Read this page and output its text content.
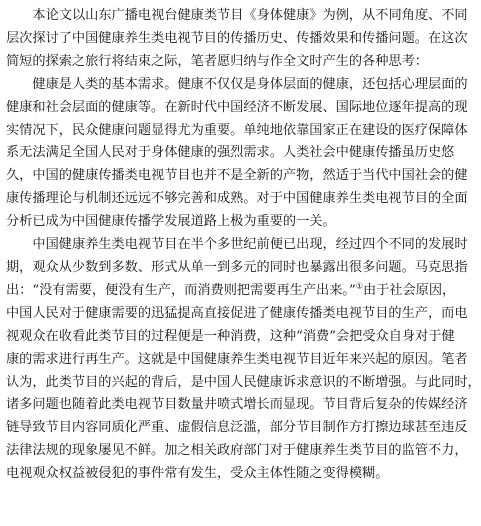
本论文以山东广播电视台健康类节目《身体健康》为例，从不同角度、不同
层次探讨了中国健康养生类电视节目的传播历史、传播效果和传播问题。在这次
简短的探索之旅行将结束之际，笔者愿归纳与作全文时产生的各种思考：
健康是人类的基本需求。健康不仅仅是身体层面的健康，还包括心理层面的
健康和社会层面的健康等。在新时代中国经济不断发展、国际地位逐年提高的现
实情况下，民众健康问题显得尤为重要。单纯地依靠国家正在建设的医疗保障体
系无法满足全国人民对于身体健康的强烈需求。人类社会中健康传播虽历史悠
久，中国的健康传播类电视节目也并不是全新的产物，然适于当代中国社会的健
康传播理论与机制还远远不够完善和成熟。对于中国健康养生类电视节目的全面
分析已成为中国健康传播学发展道路上极为重要的一关。
中国健康养生类电视节目在半个多世纪前便已出现，经过四个不同的发展时
期，观众从少数到多数、形式从单一到多元的同时也暴露出很多问题。马克思指
出：“没有需要，便没有生产，而消费则把需要再生产出来。”①由于社会原因，
中国人民对于健康需要的迅猛提高直接促进了健康传播类电视节目的生产，而电
视观众在收看此类节目的过程便是一种消费，这种“消费”会把受众自身对于健
康的需求进行再生产。这就是中国健康养生类电视节目近年来兴起的原因。笔者
认为，此类节目的兴起的背后，是中国人民健康诉求意识的不断增强。与此同时，
诸多问题也随着此类电视节目数量井喷式增长而显现。节目背后复杂的传媒经济
链导致节目内容同质化严重、虚假信息泛滥，部分节目制作方打擦边球甚至违反
法律法规的现象屡见不鲜。加之相关政府部门对于健康养生类节目的监管不力，
电视观众权益被侵犯的事件常有发生，受众主体性随之变得模糊。
